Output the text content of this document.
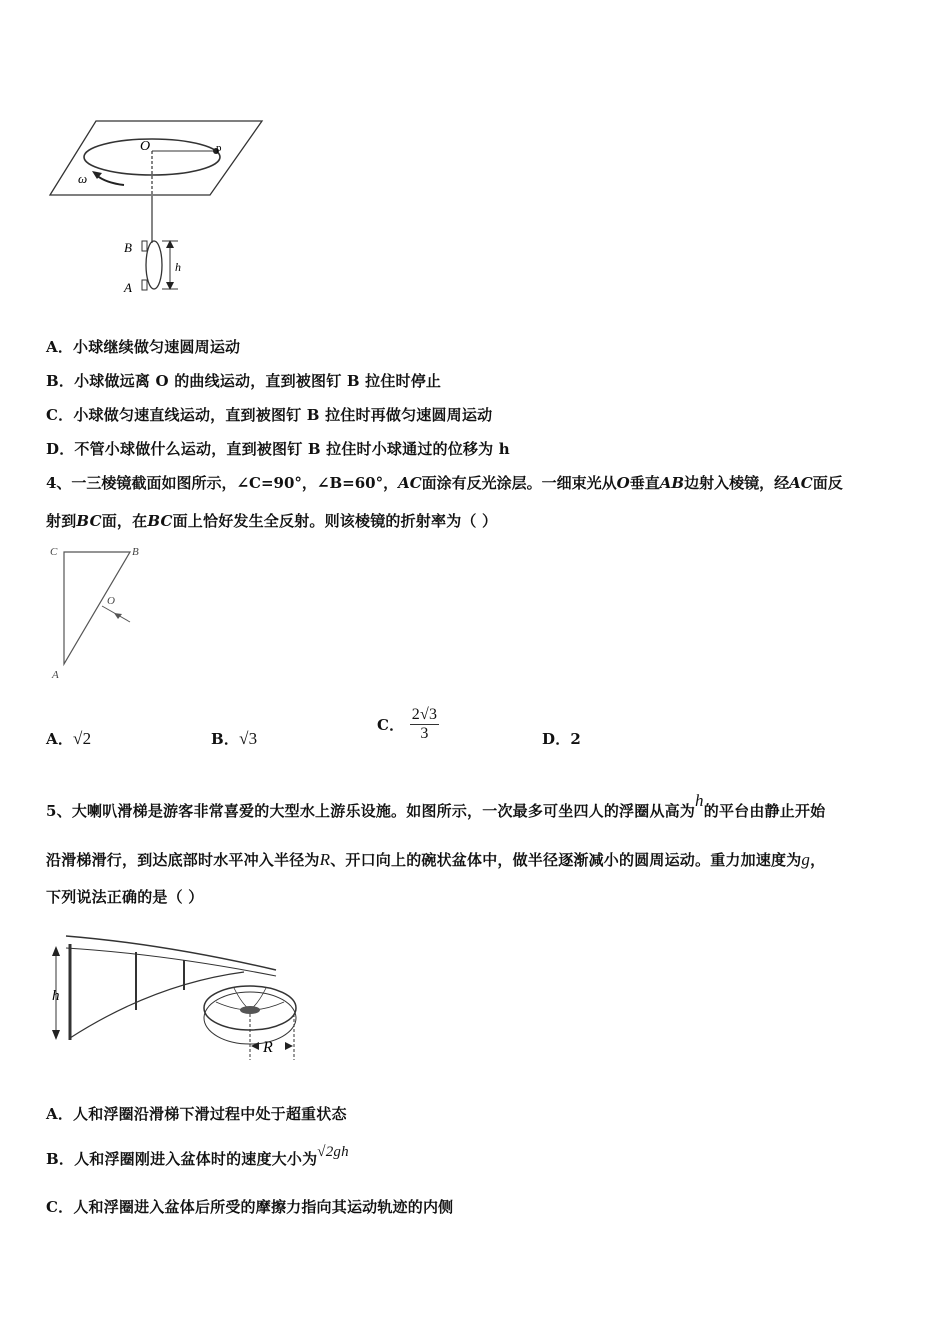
O	p
ω
B
A
h
A．小球继续做匀速圆周运动
B．小球做远离 O 的曲线运动，直到被图钉 B 拉住时停止
C．小球做匀速直线运动，直到被图钉 B 拉住时再做匀速圆周运动
D．不管小球做什么运动，直到被图钉 B 拉住时小球通过的位移为 h
4、一三棱镜截面如图所示，∠C=90°，∠B=60°，AC面涂有反光涂层。一细束光从O垂直AB边射入棱镜，经AC面反
射到BC面，在BC面上恰好发生全反射。则该棱镜的折射率为（ ）
C	B
O
A
A．√2	B．√3
C． $\frac{2√3}{3}$	D．2
5、大喇叭滑梯是游客非常喜爱的大型水上游乐设施。如图所示，一次最多可坐四人的浮圈从高为h的平台由静止开始
沿滑梯滑行，到达底部时水平冲入半径为R、开口向上的碗状盆体中，做半径逐渐减小的圆周运动。重力加速度为g，
下列说法正确的是（ ）
h
R
A．人和浮圈沿滑梯下滑过程中处于超重状态
B．人和浮圈刚进入盆体时的速度大小为√2gh
C．人和浮圈进入盆体后所受的摩擦力指向其运动轨迹的内侧
